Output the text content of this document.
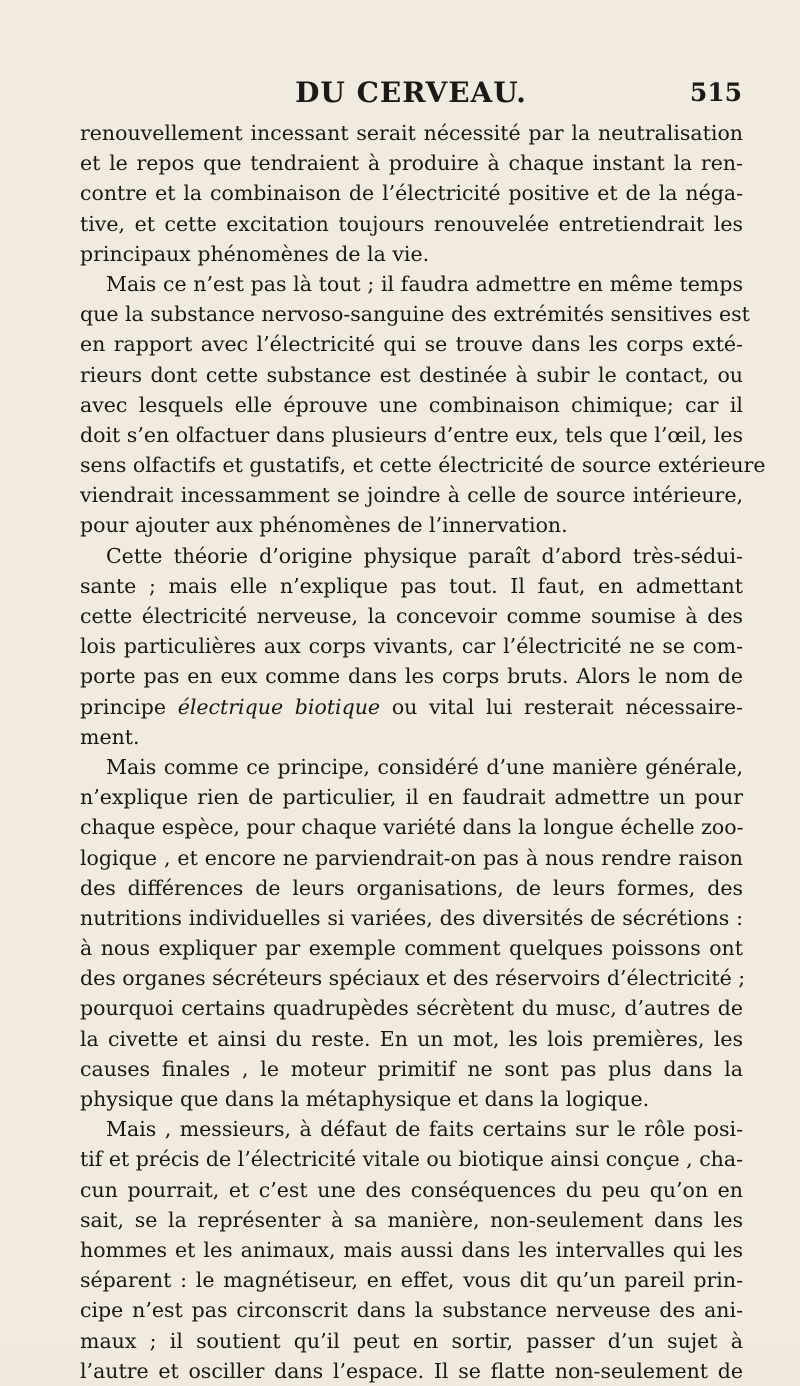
DU CERVEAU.	515
renouvellement incessant serait nécessité par la neutralisation
et le repos que tendraient à produire à chaque instant la ren-
contre et la combinaison de l’électricité positive et de la néga-
tive, et cette excitation toujours renouvelée entretiendrait les
principaux phénomènes de la vie.
Mais ce n’est pas là tout ; il faudra admettre en même temps
que la substance nervoso-sanguine des extrémités sensitives est
en rapport avec l’électricité qui se trouve dans les corps exté-
rieurs dont cette substance est destinée à subir le contact, ou
avec lesquels elle éprouve une combinaison chimique; car il
doit s’en olfactuer dans plusieurs d’entre eux, tels que l’œil, les
sens olfactifs et gustatifs, et cette électricité de source extérieure
viendrait incessamment se joindre à celle de source intérieure,
pour ajouter aux phénomènes de l’innervation.
Cette théorie d’origine physique paraît d’abord très-sédui-
sante ; mais elle n’explique pas tout. Il faut, en admettant
cette électricité nerveuse, la concevoir comme soumise à des
lois particulières aux corps vivants, car l’électricité ne se com-
porte pas en eux comme dans les corps bruts. Alors le nom de
principe électrique biotique ou vital lui resterait nécessaire-
ment.
Mais comme ce principe, considéré d’une manière générale,
n’explique rien de particulier, il en faudrait admettre un pour
chaque espèce, pour chaque variété dans la longue échelle zoo-
logique , et encore ne parviendrait-on pas à nous rendre raison
des différences de leurs organisations, de leurs formes, des
nutritions individuelles si variées, des diversités de sécrétions :
à nous expliquer par exemple comment quelques poissons ont
des organes sécréteurs spéciaux et des réservoirs d’électricité ;
pourquoi certains quadrupèdes sécrètent du musc, d’autres de
la civette et ainsi du reste. En un mot, les lois premières, les
causes finales , le moteur primitif ne sont pas plus dans la
physique que dans la métaphysique et dans la logique.
Mais , messieurs, à défaut de faits certains sur le rôle posi-
tif et précis de l’électricité vitale ou biotique ainsi conçue , cha-
cun pourrait, et c’est une des conséquences du peu qu’on en
sait, se la représenter à sa manière, non-seulement dans les
hommes et les animaux, mais aussi dans les intervalles qui les
séparent : le magnétiseur, en effet, vous dit qu’un pareil prin-
cipe n’est pas circonscrit dans la substance nerveuse des ani-
maux ; il soutient qu’il peut en sortir, passer d’un sujet à
l’autre et osciller dans l’espace. Il se flatte non-seulement de
